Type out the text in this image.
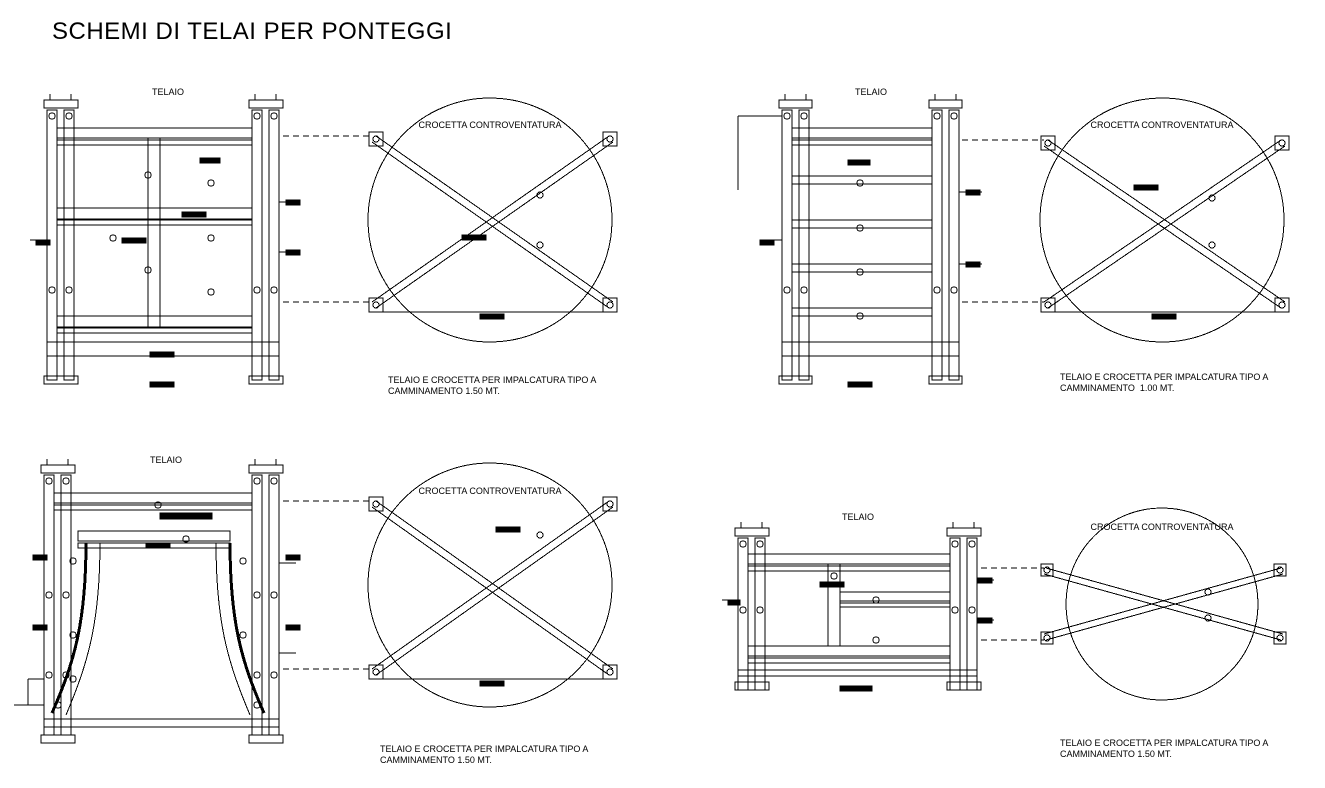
SCHEMI DI TELAI PER PONTEGGI
TELAIO
CROCETTA CONTROVENTATURA
TELAIO E CROCETTA PER IMPALCATURA TIPO A
CAMMINAMENTO 1.50 MT.
TELAIO
CROCETTA CONTROVENTATURA
TELAIO E CROCETTA PER IMPALCATURA TIPO A
CAMMINAMENTO  1.00 MT.
TELAIO
CROCETTA CONTROVENTATURA
TELAIO E CROCETTA PER IMPALCATURA TIPO A
CAMMINAMENTO 1.50 MT.
TELAIO
CROCETTA CONTROVENTATURA
TELAIO E CROCETTA PER IMPALCATURA TIPO A
CAMMINAMENTO 1.50 MT.
